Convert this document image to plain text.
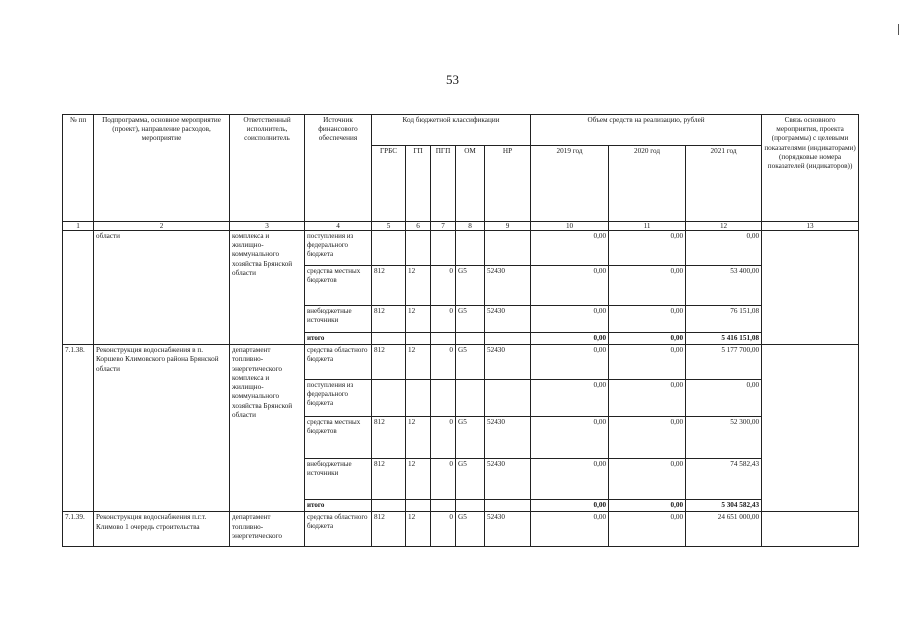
53
№ пп	Подпрограмма, основное мероприятие (проект), направление расходов, мероприятие	Ответственный исполнитель, соисполнитель	Источник финансового обеспечения	Код бюджетной классификации					Объем средств на реализацию, рублей			Связь основного мероприятия, проекта (программы) с целевыми показателями (индикаторами) (порядковые номера показателей (индикаторов))
				ГРБС	ГП	ПГП	ОМ	НР	2019 год	2020 год	2021 год	
1	2	3	4	5	6	7	8	9	10	11	12	13
	области	комплекса и жилищно-коммунального хозяйства Брянской области	поступления из федерального бюджета						0,00	0,00	0,00	
			средства местных бюджетов	812	12	0	G5	52430	0,00	0,00	53 400,00	
			внебюджетные источники	812	12	0	G5	52430	0,00	0,00	76 151,08	
			итого						0,00	0,00	5 416 151,08	
7.1.38.	Реконструкция водоснабжения в п. Коршево Климовского района Брянской области	департамент топливно-энергетического комплекса и жилищно-коммунального хозяйства Брянской области	средства областного бюджета	812	12	0	G5	52430	0,00	0,00	5 177 700,00	
			поступления из федерального бюджета						0,00	0,00	0,00	
			средства местных бюджетов	812	12	0	G5	52430	0,00	0,00	52 300,00	
			внебюджетные источники	812	12	0	G5	52430	0,00	0,00	74 582,43	
			итого						0,00	0,00	5 304 582,43	
7.1.39.	Реконструкция водоснабжения п.г.т. Климово 1 очередь строительства	департамент топливно-энергетического	средства областного бюджета	812	12	0	G5	52430	0,00	0,00	24 651 000,00	
